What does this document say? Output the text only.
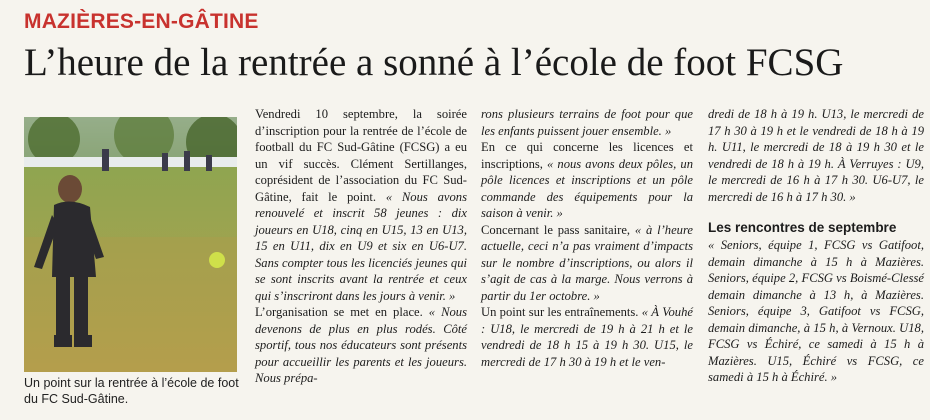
MAZIÈRES-EN-GÂTINE
L’heure de la rentrée a sonné à l’école de foot FCSG
Un point sur la rentrée à l’école de foot du FC Sud-Gâtine.

Vendredi 10 septembre, la soirée d’inscription pour la rentrée de l’école de football du FC Sud-Gâtine (FCSG) a eu un vif succès. Clément Sertillanges, coprésident de l’association du FC Sud-Gâtine, fait le point. « Nous avons renouvelé et inscrit 58 jeunes : dix joueurs en U18, cinq en U15, 13 en U13, 15 en U11, dix en U9 et six en U6-U7. Sans compter tous les licenciés jeunes qui se sont inscrits avant la rentrée et ceux qui s’inscriront dans les jours à venir. »

L’organisation se met en place. « Nous devenons de plus en plus rodés. Côté sportif, tous nos éducateurs sont présents pour accueillir les parents et les joueurs. Nous prépa-

rons plusieurs terrains de foot pour que les enfants puissent jouer ensemble. »

En ce qui concerne les licences et inscriptions, « nous avons deux pôles, un pôle licences et inscriptions et un pôle commande des équipements pour la saison à venir. »

Concernant le pass sanitaire, « à l’heure actuelle, ceci n’a pas vraiment d’impacts sur le nombre d’inscriptions, ou alors il s’agit de cas à la marge. Nous verrons à partir du 1er octobre. »

Un point sur les entraînements. « À Vouhé : U18, le mercredi de 19 h à 21 h et le vendredi de 18 h 15 à 19 h 30. U15, le mercredi de 17 h 30 à 19 h et le ven-

dredi de 18 h à 19 h. U13, le mercredi de 17 h 30 à 19 h et le vendredi de 18 h à 19 h. U11, le mercredi de 18 à 19 h 30 et le vendredi de 18 h à 19 h. À Verruyes : U9, le mercredi de 16 h à 17 h 30. U6-U7, le mercredi de 16 h à 17 h 30. »

Les rencontres de septembre

« Seniors, équipe 1, FCSG vs Gatifoot, demain dimanche à 15 h à Mazières. Seniors, équipe 2, FCSG vs Boismé-Clessé demain dimanche à 13 h, à Mazières. Seniors, équipe 3, Gatifoot vs FCSG, demain dimanche, à 15 h, à Vernoux. U18, FCSG vs Échiré, ce samedi à 15 h à Mazières. U15, Échiré vs FCSG, ce samedi à 15 h à Échiré. »
